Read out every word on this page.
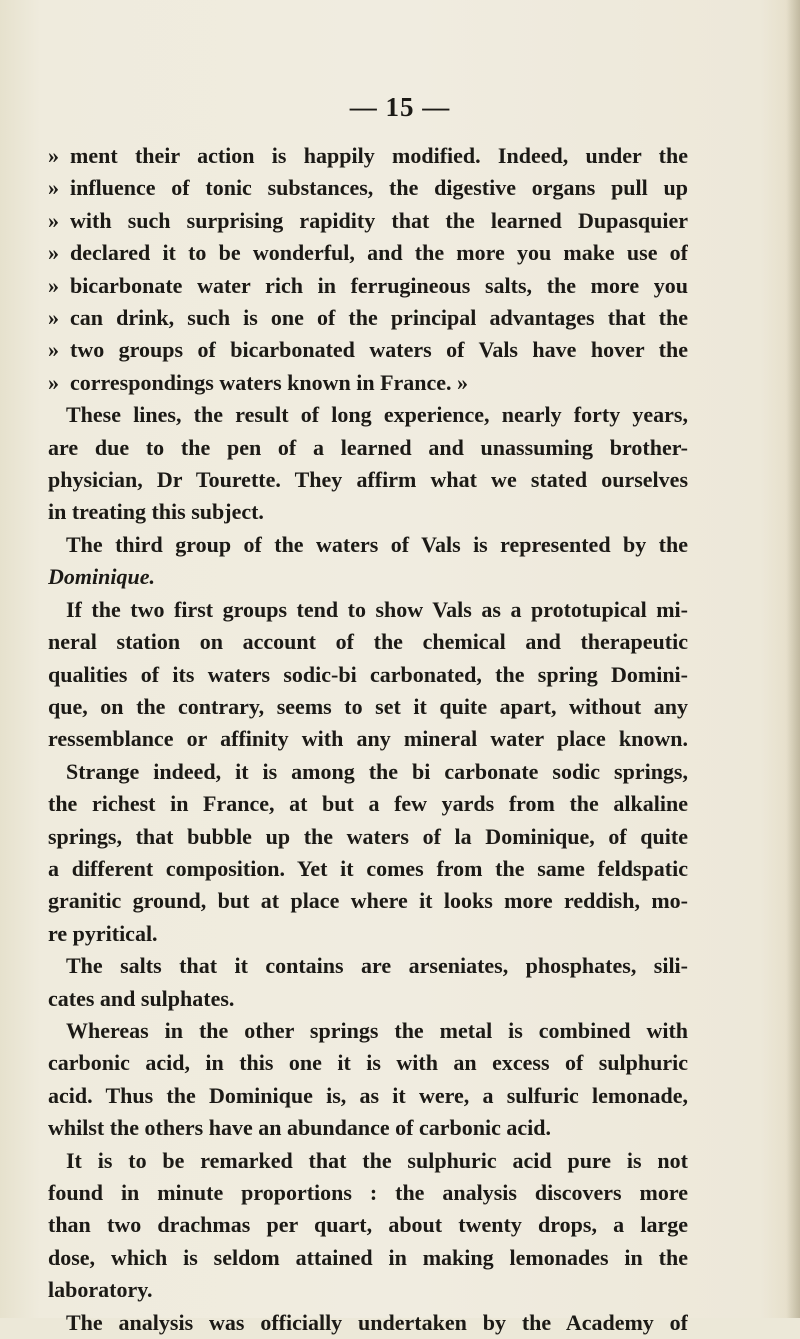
— 15 —
» ment their action is happily modified. Indeed, under the
» influence of tonic substances, the digestive organs pull up
» with such surprising rapidity that the learned Dupasquier
» declared it to be wonderful, and the more you make use of
» bicarbonate water rich in ferrugineous salts, the more you
» can drink, such is one of the principal advantages that the
» two groups of bicarbonated waters of Vals have hover the
» correspondings waters known in France. »
These lines, the result of long experience, nearly forty years,
are due to the pen of a learned and unassuming brother-
physician, Dr Tourette. They affirm what we stated ourselves
in treating this subject.
The third group of the waters of Vals is represented by the
Dominique.
If the two first groups tend to show Vals as a prototupical mi-
neral station on account of the chemical and therapeutic
qualities of its waters sodic-bi carbonated, the spring Domini-
que, on the contrary, seems to set it quite apart, without any
ressemblance or affinity with any mineral water place known.
Strange indeed, it is among the bi carbonate sodic springs,
the richest in France, at but a few yards from the alkaline
springs, that bubble up the waters of la Dominique, of quite
a different composition. Yet it comes from the same feldspatic
granitic ground, but at place where it looks more reddish, mo-
re pyritical.
The salts that it contains are arseniates, phosphates, sili-
cates and sulphates.
Whereas in the other springs the metal is combined with
carbonic acid, in this one it is with an excess of sulphuric
acid. Thus the Dominique is, as it were, a sulfuric lemonade,
whilst the others have an abundance of carbonic acid.
It is to be remarked that the sulphuric acid pure is not
found in minute proportions : the analysis discovers more
than two drachmas per quart, about twenty drops, a large
dose, which is seldom attained in making lemonades in the
laboratory.
The analysis was officially undertaken by the Academy of
